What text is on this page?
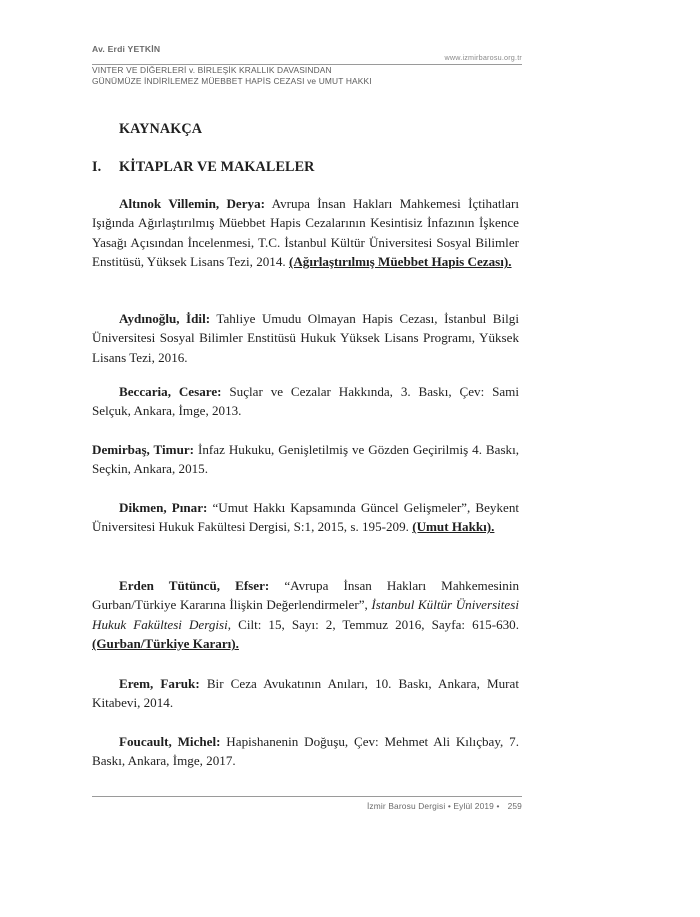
Av. Erdi YETKİN
www.izmirbarosu.org.tr
VINTER VE DİĞERLERİ v. BİRLEŞİK KRALLIK DAVASINDAN
GÜNÜMÜZE İNDİRİLEMEZ MÜEBBET HAPİS CEZASI ve UMUT HAKKI
KAYNAKÇA
I. KİTAPLAR VE MAKALELER

Altınok Villemin, Derya: Avrupa İnsan Hakları Mahkemesi İçtihatları Işığında Ağırlaştırılmış Müebbet Hapis Cezalarının Kesintisiz İnfazının İşkence Yasağı Açısından İncelenmesi, T.C. İstanbul Kültür Üniversitesi Sosyal Bilimler Enstitüsü, Yüksek Lisans Tezi, 2014. (Ağırlaştırılmış Müebbet Hapis Cezası).

Aydınoğlu, İdil: Tahliye Umudu Olmayan Hapis Cezası, İstanbul Bilgi Üniversitesi Sosyal Bilimler Enstitüsü Hukuk Yüksek Lisans Programı, Yüksek Lisans Tezi, 2016.

Beccaria, Cesare: Suçlar ve Cezalar Hakkında, 3. Baskı, Çev: Sami Selçuk, Ankara, İmge, 2013.

Demirbaş, Timur: İnfaz Hukuku, Genişletilmiş ve Gözden Geçirilmiş 4. Baskı, Seçkin, Ankara, 2015.

Dikmen, Pınar: “Umut Hakkı Kapsamında Güncel Gelişmeler”, Beykent Üniversitesi Hukuk Fakültesi Dergisi, S:1, 2015, s. 195-209. (Umut Hakkı).

Erden Tütüncü, Efser: “Avrupa İnsan Hakları Mahkemesinin Gurban/Türkiye Kararına İlişkin Değerlendirmeler”, İstanbul Kültür Üniversitesi Hukuk Fakültesi Dergisi, Cilt: 15, Sayı: 2, Temmuz 2016, Sayfa: 615-630. (Gurban/Türkiye Kararı).

Erem, Faruk: Bir Ceza Avukatının Anıları, 10. Baskı, Ankara, Murat Kitabevi, 2014.

Foucault, Michel: Hapishanenin Doğuşu, Çev: Mehmet Ali Kılıçbay, 7. Baskı, Ankara, İmge, 2017.

İzmir Barosu Dergisi • Eylül 2019 • 259
